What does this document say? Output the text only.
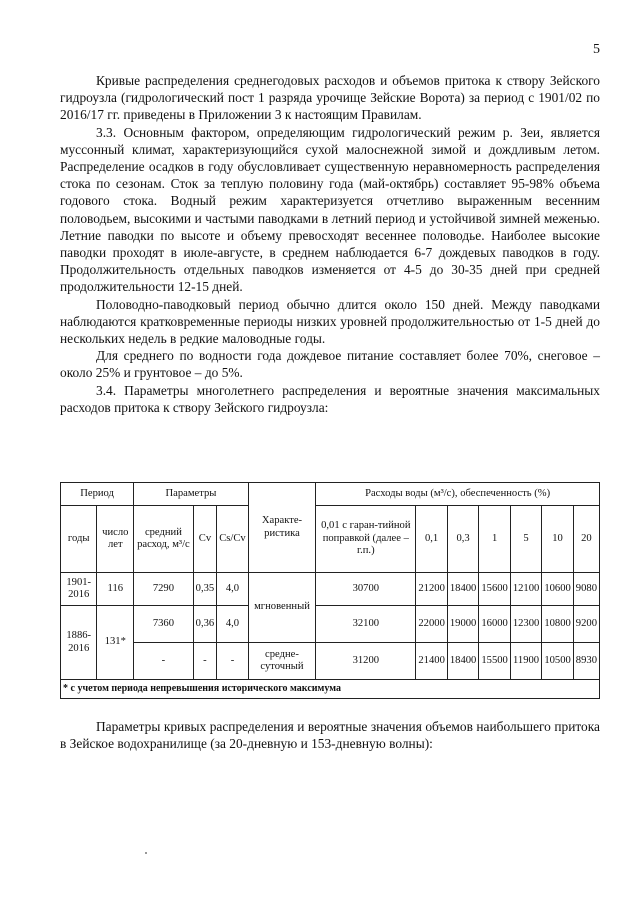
5

Кривые распределения среднегодовых расходов и объемов притока к створу Зейского гидроузла (гидрологический пост 1 разряда урочище Зейские Ворота) за период с 1901/02 по 2016/17 гг. приведены в Приложении 3 к настоящим Правилам.

3.3. Основным фактором, определяющим гидрологический режим р. Зеи, является муссонный климат, характеризующийся сухой малоснежной зимой и дождливым летом. Распределение осадков в году обусловливает существенную неравномерность распределения стока по сезонам. Сток за теплую половину года (май-октябрь) составляет 95-98% объема годового стока. Водный режим характеризуется отчетливо выраженным весенним половодьем, высокими и частыми паводками в летний период и устойчивой зимней меженью. Летние паводки по высоте и объему превосходят весеннее половодье. Наиболее высокие паводки проходят в июле-августе, в среднем наблюдается 6-7 дождевых паводков в году. Продолжительность отдельных паводков изменяется от 4-5 до 30-35 дней при средней продолжительности 12-15 дней.

Половодно-паводковый период обычно длится около 150 дней. Между паводками наблюдаются кратковременные периоды низких уровней продолжительностью от 1-5 дней до нескольких недель в редкие маловодные годы.

Для среднего по водности года дождевое питание составляет более 70%, снеговое – около 25% и грунтовое – до 5%.

3.4. Параметры многолетнего распределения и вероятные значения максимальных расходов притока к створу Зейского гидроузла:

Период		Параметры			Характе-ристика	Расходы воды (м³/с), обеспеченность (%)						
годы	число лет	средний расход, м³/с	Cv	Cs/Cv		0,01 с гаран-тийной поправкой (далее – г.п.)	0,1	0,3	1	5	10	20
1901-2016	116	7290	0,35	4,0	мгновенный	30700	21200	18400	15600	12100	10600	9080
1886-2016	131*	7360	0,36	4,0		32100	22000	19000	16000	12300	10800	9200
		-	-	-	средне-суточный	31200	21400	18400	15500	11900	10500	8930
* с учетом периода непревышения исторического максимума												

Параметры кривых распределения и вероятные значения объемов наибольшего притока в Зейское водохранилище (за 20-дневную и 153-дневную волны):
